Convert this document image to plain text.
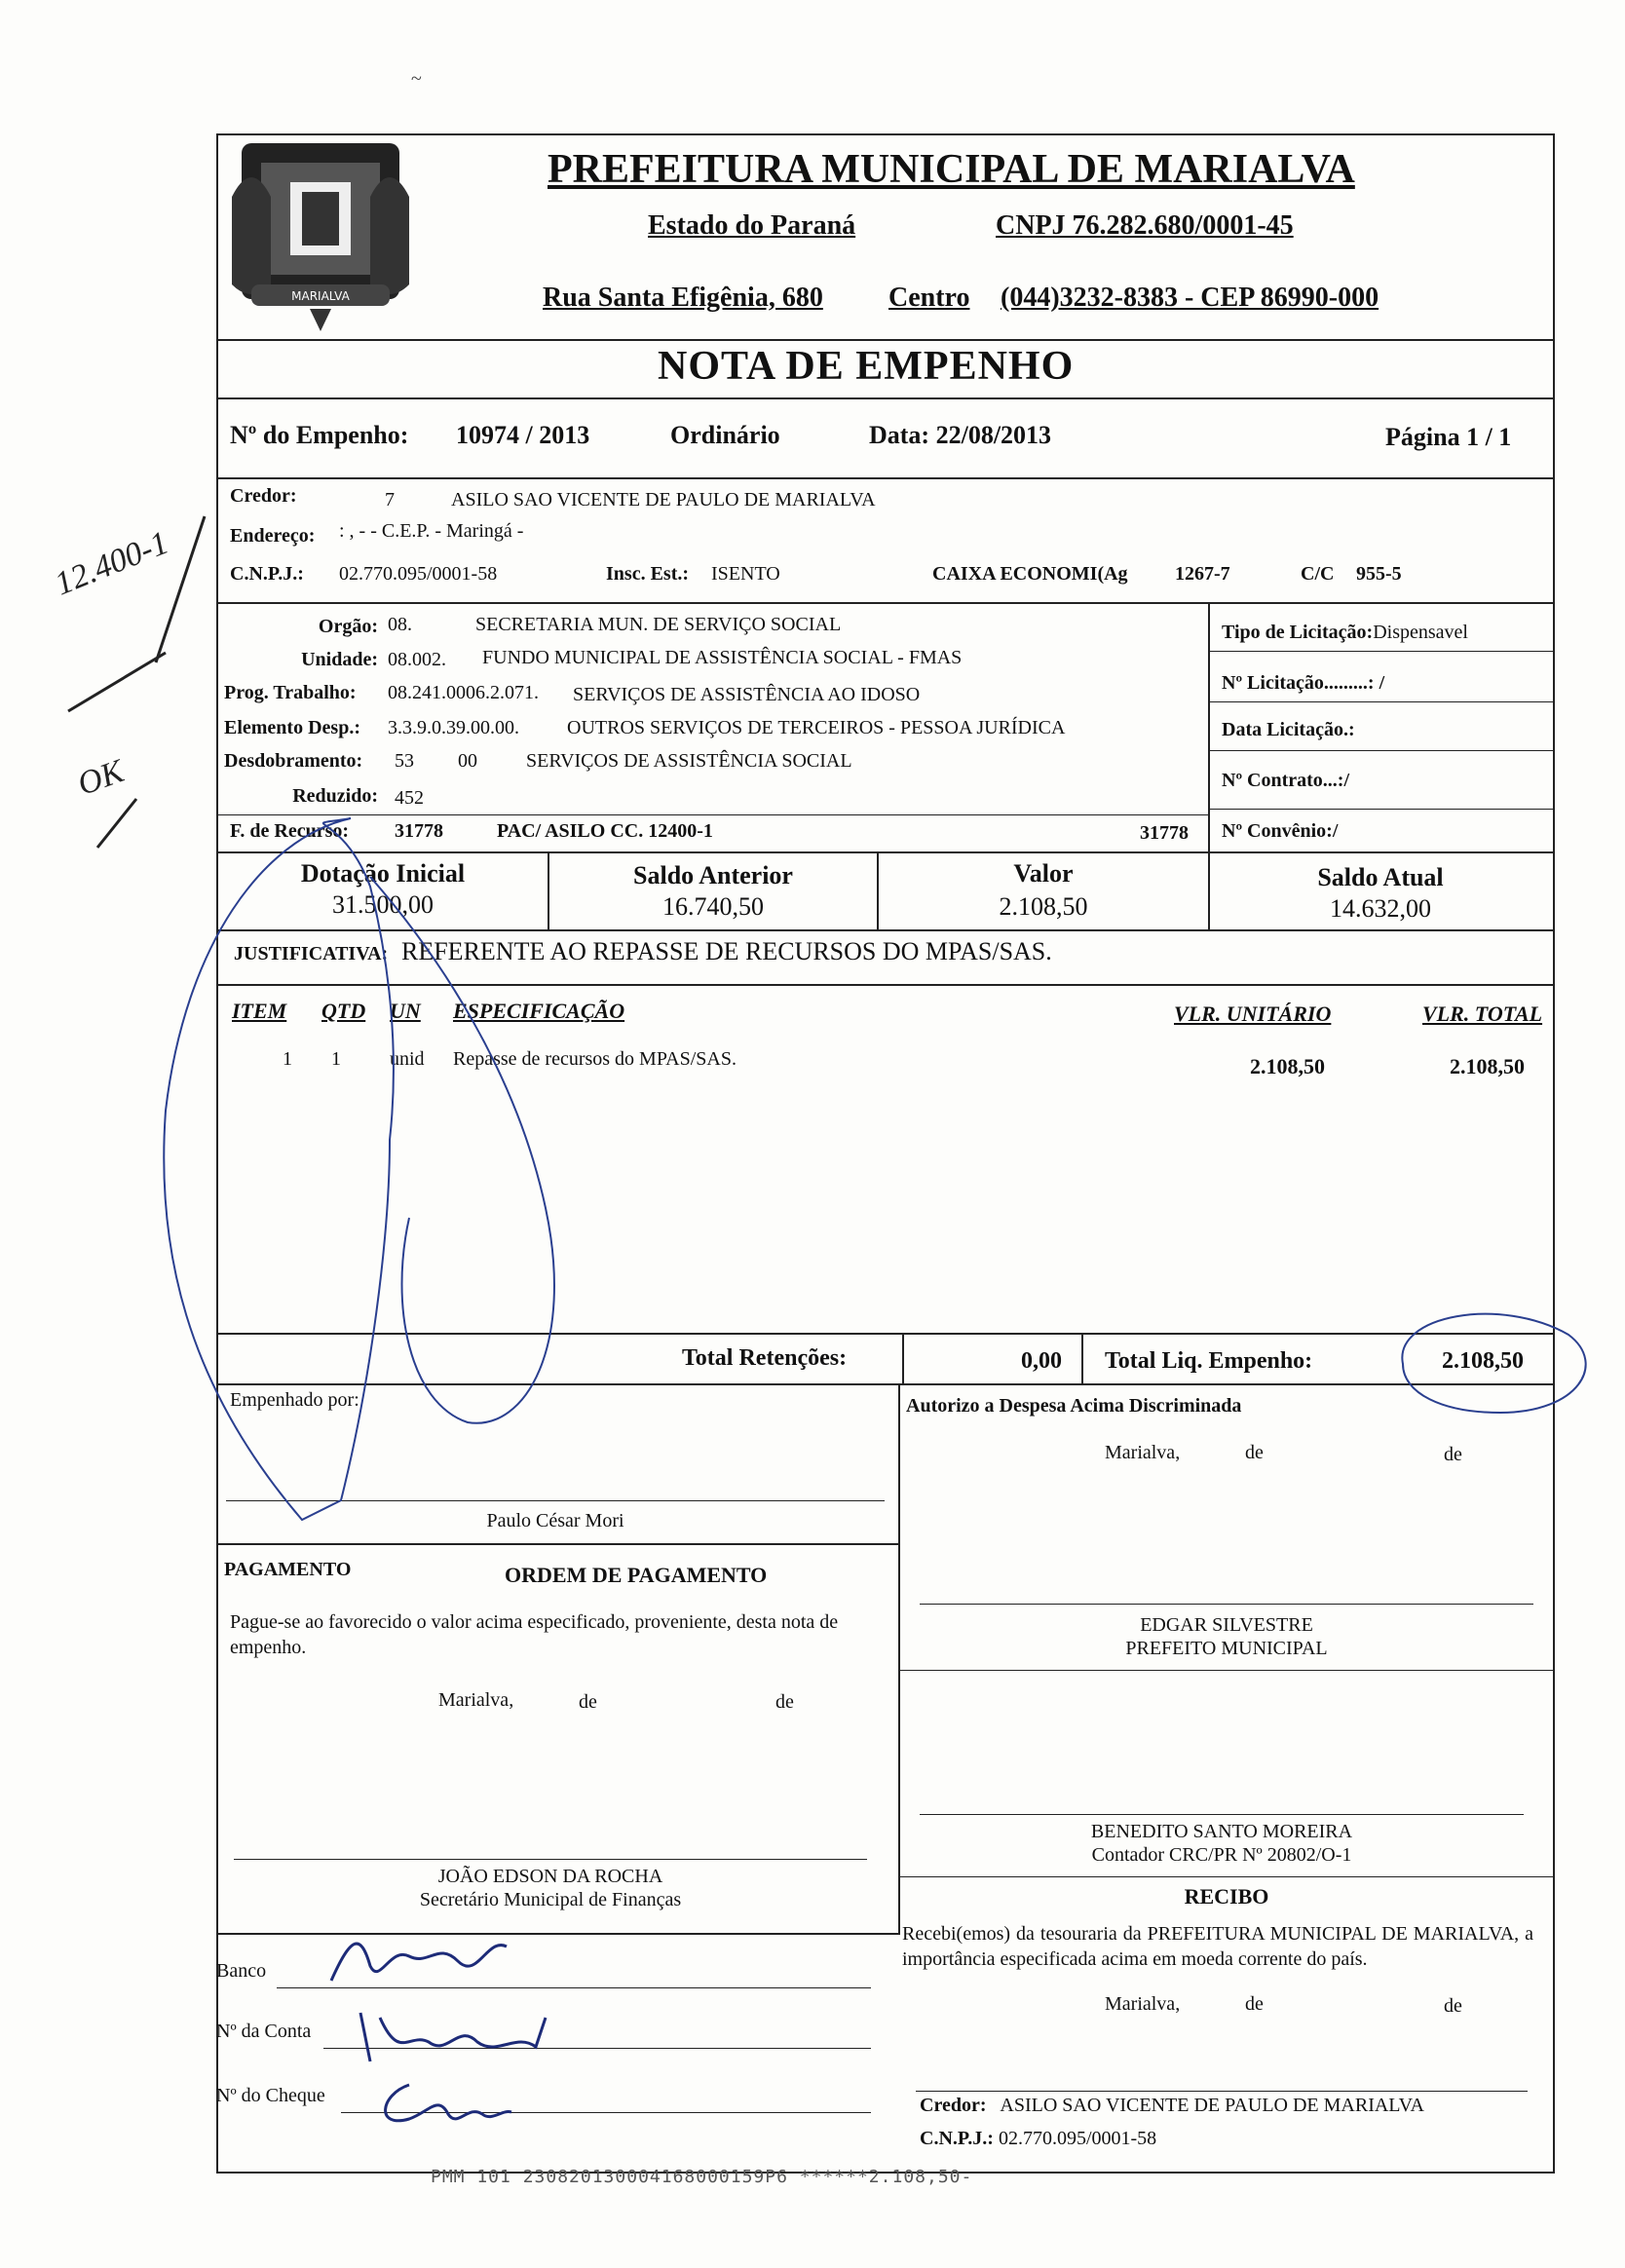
MARIALVA
~
PREFEITURA MUNICIPAL DE MARIALVA
Estado do Paraná	CNPJ 76.282.680/0001-45
Rua Santa Efigênia, 680 Centro (044)3232-8383 - CEP 86990-000
NOTA DE EMPENHO
Nº do Empenho: 10974 / 2013	Ordinário	Data: 22/08/2013	Página 1 / 1
Credor:	7	ASILO SAO VICENTE DE PAULO DE MARIALVA
Endereço: : , - - C.E.P. - Maringá -
C.N.P.J.: 02.770.095/0001-58	Insc. Est.: ISENTO	CAIXA ECONOMI(Ag 1267-7	C/C 955-5
Orgão: 08.	SECRETARIA MUN. DE SERVIÇO SOCIAL
Unidade: 08.002. FUNDO MUNICIPAL DE ASSISTÊNCIA SOCIAL - FMAS
Prog. Trabalho: 08.241.0006.2.071. SERVIÇOS DE ASSISTÊNCIA AO IDOSO
Elemento Desp.: 3.3.9.0.39.00.00. OUTROS SERVIÇOS DE TERCEIROS - PESSOA JURÍDICA
Desdobramento: 53 00	SERVIÇOS DE ASSISTÊNCIA SOCIAL
Reduzido: 452
F. de Recurso: 31778	PAC/ ASILO CC. 12400-1	31778
Tipo de Licitação:Dispensavel
Nº Licitação.........: /
Data Licitação.:
Nº Contrato...:/
Nº Convênio:/
Dotação Inicial
31.500,00
Saldo Anterior
16.740,50
Valor
2.108,50
Saldo Atual
14.632,00
JUSTIFICATIVA: REFERENTE AO REPASSE DE RECURSOS DO MPAS/SAS.
ITEM QTD UN ESPECIFICAÇÃO	VLR. UNITÁRIO	VLR. TOTAL
1 1	unid Repasse de recursos do MPAS/SAS.	2.108,50	2.108,50
Total Retenções:	0,00 Total Liq. Empenho:	2.108,50
Empenhado por:
Paulo César Mori
Autorizo a Despesa Acima Discriminada
Marialva,	de	de
PAGAMENTO	ORDEM DE PAGAMENTO
Pague-se ao favorecido o valor acima especificado, proveniente, desta nota de empenho.
Marialva,	de	de
EDGAR SILVESTRE
PREFEITO MUNICIPAL
BENEDITO SANTO MOREIRA
Contador CRC/PR Nº 20802/O-1
JOÃO EDSON DA ROCHA
Secretário Municipal de Finanças	RECIBO
Recebi(emos) da tesouraria da PREFEITURA MUNICIPAL DE MARIALVA, a importância especificada acima em moeda corrente do país.
Marialva,	de	de
Banco
Nº da Conta
Nº do Cheque	Credor: ASILO SAO VICENTE DE PAULO DE MARIALVA
C.N.P.J.: 02.770.095/0001-58
PMM 101 230820130004168000159P6 ******2.108,50-
12.400-1
OK
